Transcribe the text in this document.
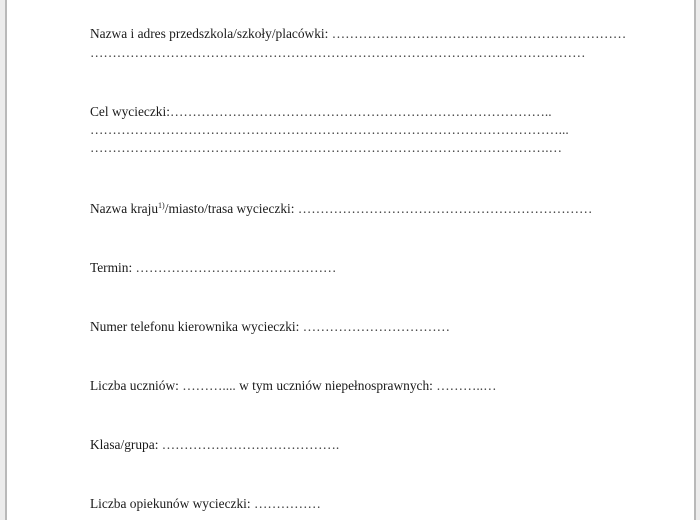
Nazwa i adres przedszkola/szkoły/placówki: …………………………………………………………
…………………………………………………………………………………………………
Cel wycieczki:…………………………………………………………………………..
……………………………………………………………………………………………...
………………………………………………………………………………………….…
Nazwa kraju$^{1)}$/miasto/trasa wycieczki: …………………………………………………………
Termin: ………………………………………
Numer telefonu kierownika wycieczki: ……………………………
Liczba uczniów: ……….... w tym uczniów niepełnosprawnych: ………..…
Klasa/grupa: ………………………………….
Liczba opiekunów wycieczki: ……………
